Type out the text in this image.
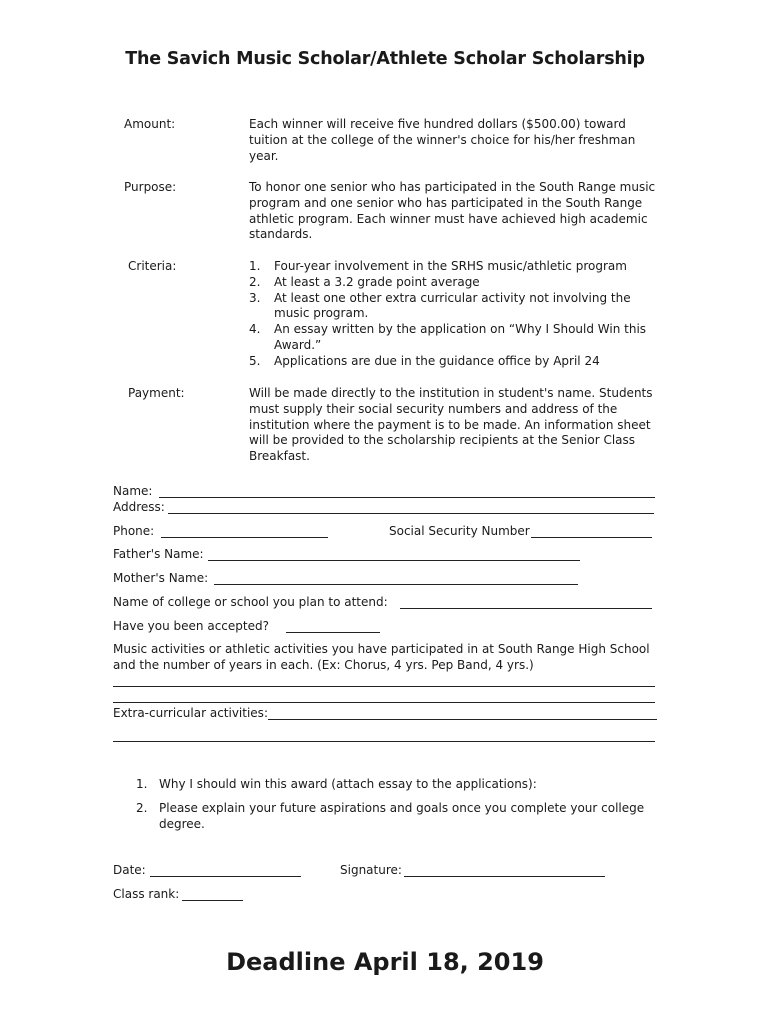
The Savich Music Scholar/Athlete Scholar Scholarship
Amount:	Each winner will receive five hundred dollars ($500.00) toward tuition at the college of the winner's choice for his/her freshman year.
Purpose:	To honor one senior who has participated in the South Range music program and one senior who has participated in the South Range athletic program. Each winner must have achieved high academic standards.
Criteria:	1. Four-year involvement in the SRHS music/athletic program
2. At least a 3.2 grade point average
3. At least one other extra curricular activity not involving the music program.
4. An essay written by the application on “Why I Should Win this Award.”
5. Applications are due in the guidance office by April 24
Payment:	Will be made directly to the institution in student's name. Students must supply their social security numbers and address of the institution where the payment is to be made. An information sheet will be provided to the scholarship recipients at the Senior Class Breakfast.
Name:
Address:
Phone:	Social Security Number
Father's Name:
Mother's Name:
Name of college or school you plan to attend:
Have you been accepted?
Music activities or athletic activities you have participated in at South Range High School and the number of years in each. (Ex: Chorus, 4 yrs. Pep Band, 4 yrs.)
Extra-curricular activities:
1. Why I should win this award (attach essay to the applications):
2. Please explain your future aspirations and goals once you complete your college degree.
Date:	Signature:
Class rank:
Deadline April 18, 2019
